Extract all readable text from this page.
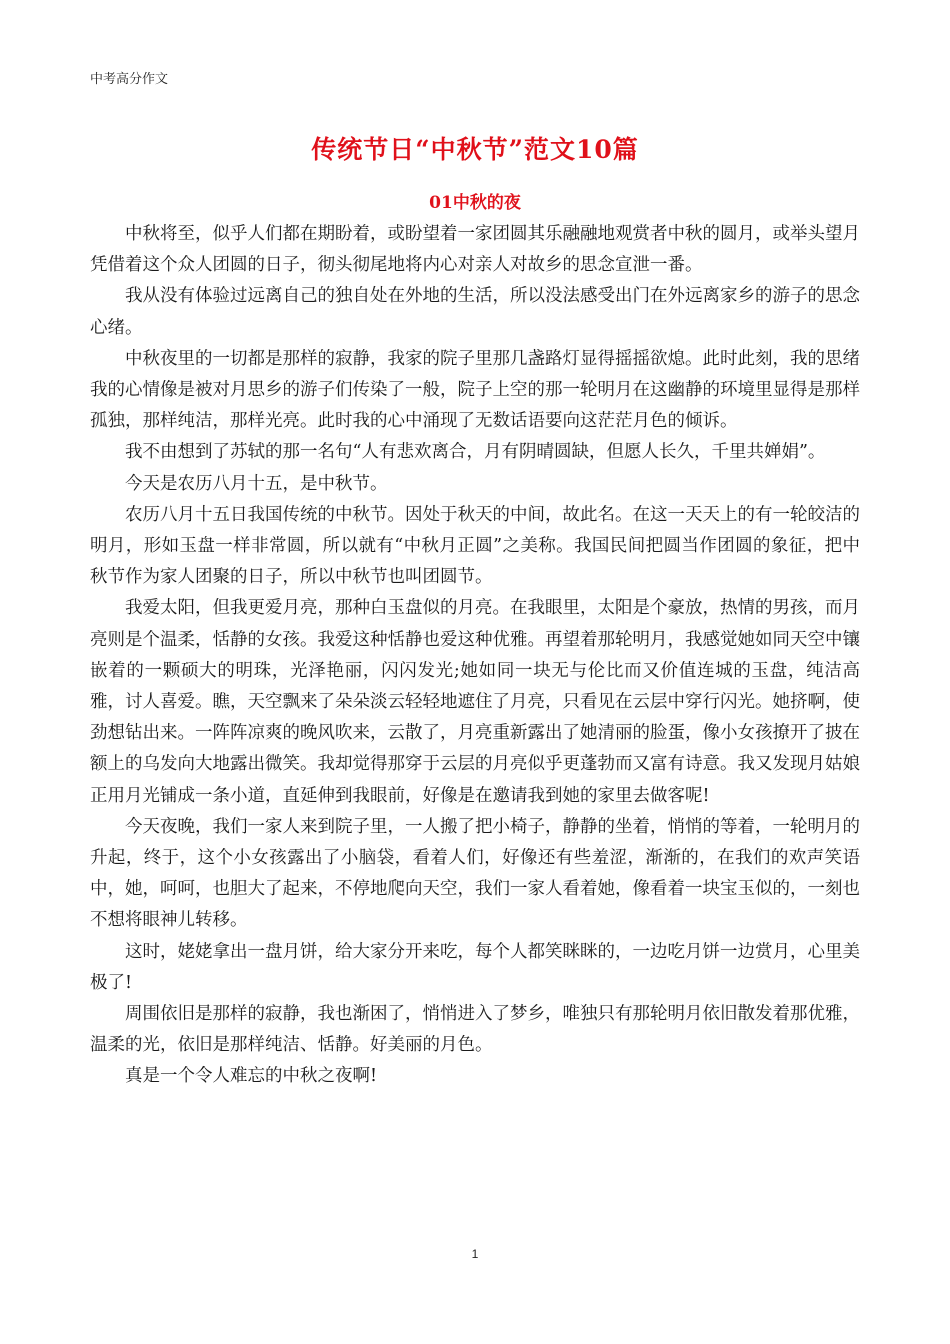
中考高分作文
传统节日“中秋节”范文10篇
01中秋的夜

中秋将至，似乎人们都在期盼着，或盼望着一家团圆其乐融融地观赏者中秋的圆月，或举头望月凭借着这个众人团圆的日子，彻头彻尾地将内心对亲人对故乡的思念宣泄一番。

我从没有体验过远离自己的独自处在外地的生活，所以没法感受出门在外远离家乡的游子的思念心绪。

中秋夜里的一切都是那样的寂静，我家的院子里那几盏路灯显得摇摇欲熄。此时此刻，我的思绪我的心情像是被对月思乡的游子们传染了一般，院子上空的那一轮明月在这幽静的环境里显得是那样孤独，那样纯洁，那样光亮。此时我的心中涌现了无数话语要向这茫茫月色的倾诉。

我不由想到了苏轼的那一名句“人有悲欢离合，月有阴晴圆缺，但愿人长久，千里共婵娟”。

今天是农历八月十五，是中秋节。

农历八月十五日我国传统的中秋节。因处于秋天的中间，故此名。在这一天天上的有一轮皎洁的明月，形如玉盘一样非常圆，所以就有“中秋月正圆”之美称。我国民间把圆当作团圆的象征，把中秋节作为家人团聚的日子，所以中秋节也叫团圆节。

我爱太阳，但我更爱月亮，那种白玉盘似的月亮。在我眼里，太阳是个豪放，热情的男孩，而月亮则是个温柔，恬静的女孩。我爱这种恬静也爱这种优雅。再望着那轮明月，我感觉她如同天空中镶嵌着的一颗硕大的明珠，光泽艳丽，闪闪发光;她如同一块无与伦比而又价值连城的玉盘，纯洁高雅，讨人喜爱。瞧，天空飘来了朵朵淡云轻轻地遮住了月亮，只看见在云层中穿行闪光。她挤啊，使劲想钻出来。一阵阵凉爽的晚风吹来，云散了，月亮重新露出了她清丽的脸蛋，像小女孩撩开了披在额上的乌发向大地露出微笑。我却觉得那穿于云层的月亮似乎更蓬勃而又富有诗意。我又发现月姑娘正用月光铺成一条小道，直延伸到我眼前，好像是在邀请我到她的家里去做客呢!

今天夜晚，我们一家人来到院子里，一人搬了把小椅子，静静的坐着，悄悄的等着，一轮明月的升起，终于，这个小女孩露出了小脑袋，看着人们，好像还有些羞涩，渐渐的，在我们的欢声笑语中，她，呵呵，也胆大了起来，不停地爬向天空，我们一家人看着她，像看着一块宝玉似的，一刻也不想将眼神儿转移。

这时，姥姥拿出一盘月饼，给大家分开来吃，每个人都笑眯眯的，一边吃月饼一边赏月，心里美极了!

周围依旧是那样的寂静，我也渐困了，悄悄进入了梦乡，唯独只有那轮明月依旧散发着那优雅，温柔的光，依旧是那样纯洁、恬静。好美丽的月色。

真是一个令人难忘的中秋之夜啊!

1
